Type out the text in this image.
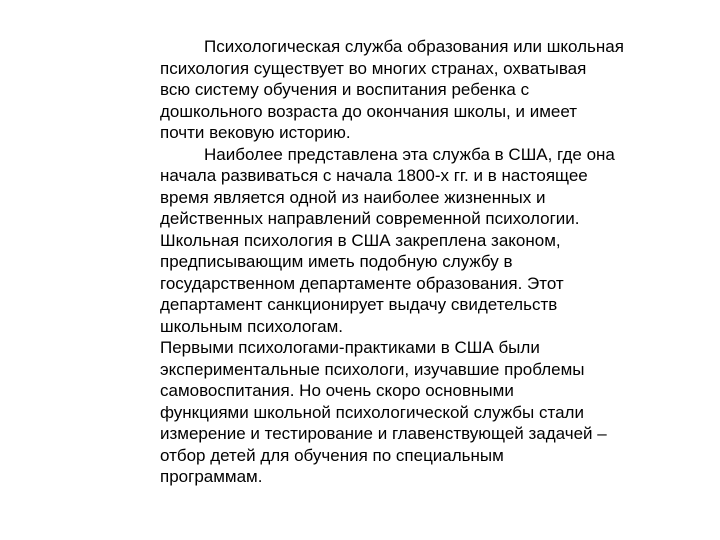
Психологическая служба образования или школьная
психология существует во многих странах, охватывая
всю систему обучения и воспитания ребенка с
дошкольного возраста до окончания школы, и имеет
почти вековую историю.
Наиболее представлена эта служба в США, где она
начала развиваться с начала 1800-х гг. и в настоящее
время является одной из наиболее жизненных и
действенных направлений современной психологии.
Школьная психология в США закреплена законом,
предписывающим иметь подобную службу в
государственном департаменте образования. Этот
департамент санкционирует выдачу свидетельств
школьным психологам.
Первыми психологами-практиками в США были
экспериментальные психологи, изучавшие проблемы
самовоспитания. Но очень скоро основными
функциями школьной психологической службы стали
измерение и тестирование и главенствующей задачей –
отбор детей для обучения по специальным
программам.
